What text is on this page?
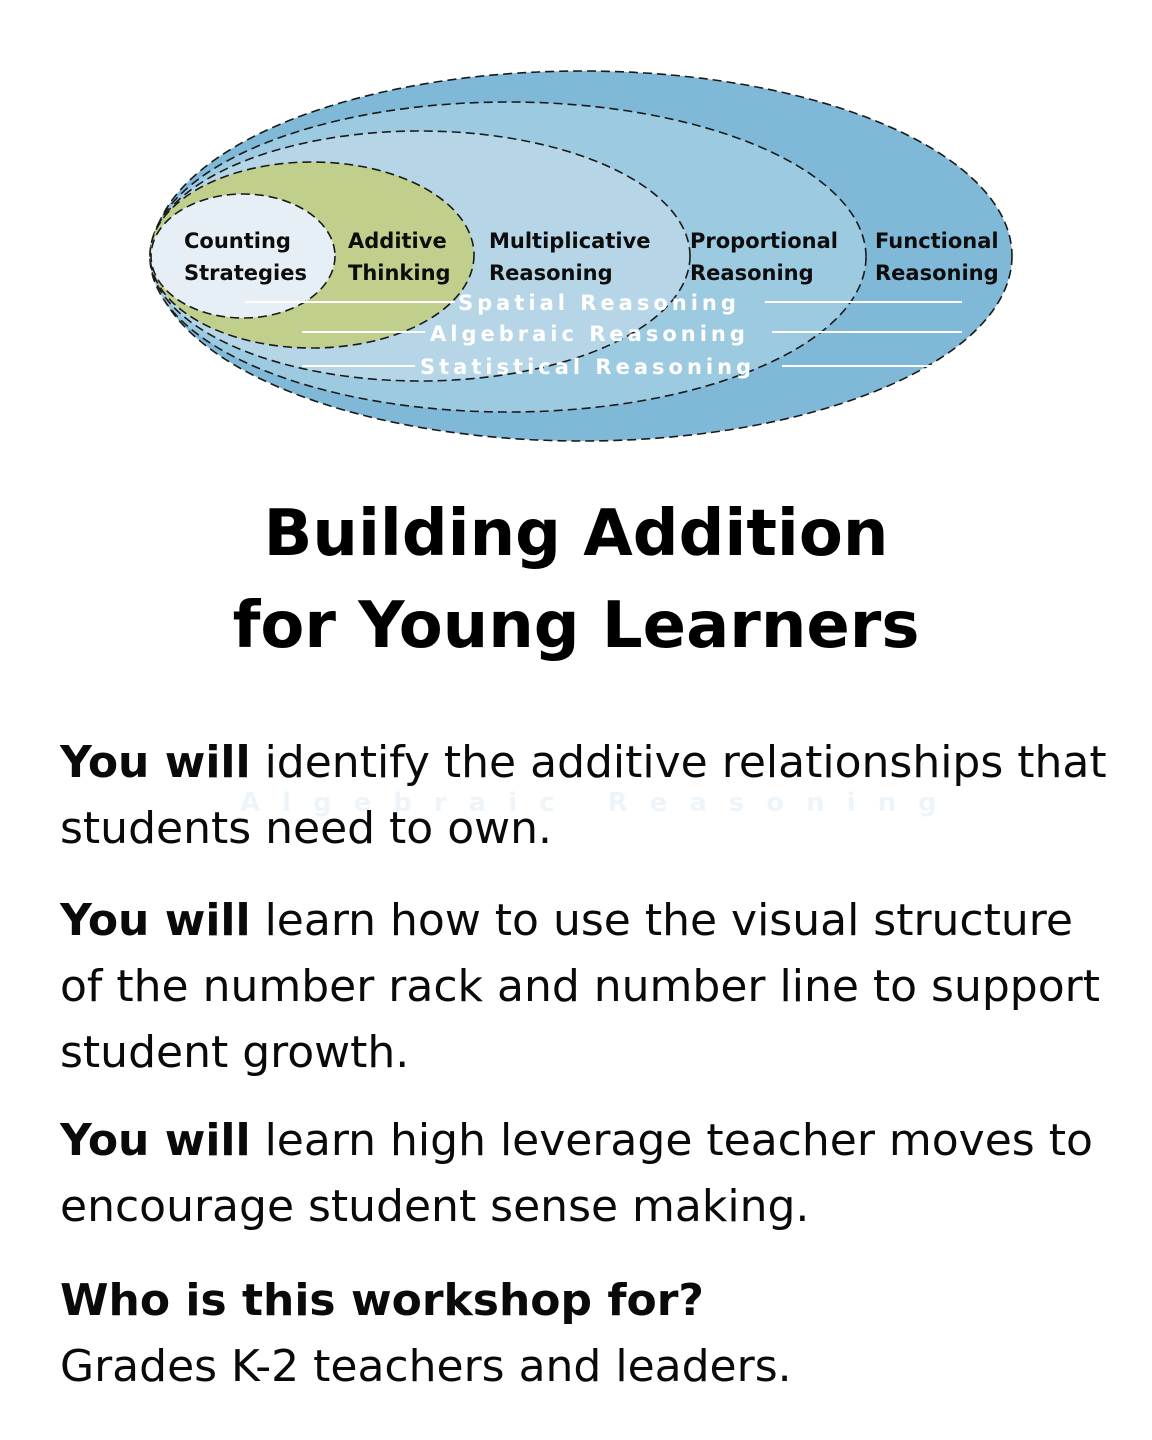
Spatial Reasoning
Algebraic Reasoning
Statistical Reasoning
Counting
Strategies
Additive
Thinking
Multiplicative
Reasoning
Proportional
Reasoning
Functional
Reasoning
Building Addition
for Young Learners
Algebraic Reasoning

You will identify the additive relationships that students need to own.

You will learn how to use the visual structure of the number rack and number line to support student growth.

You will learn high leverage teacher moves to encourage student sense making.

Who is this workshop for?
Grades K-2 teachers and leaders.
